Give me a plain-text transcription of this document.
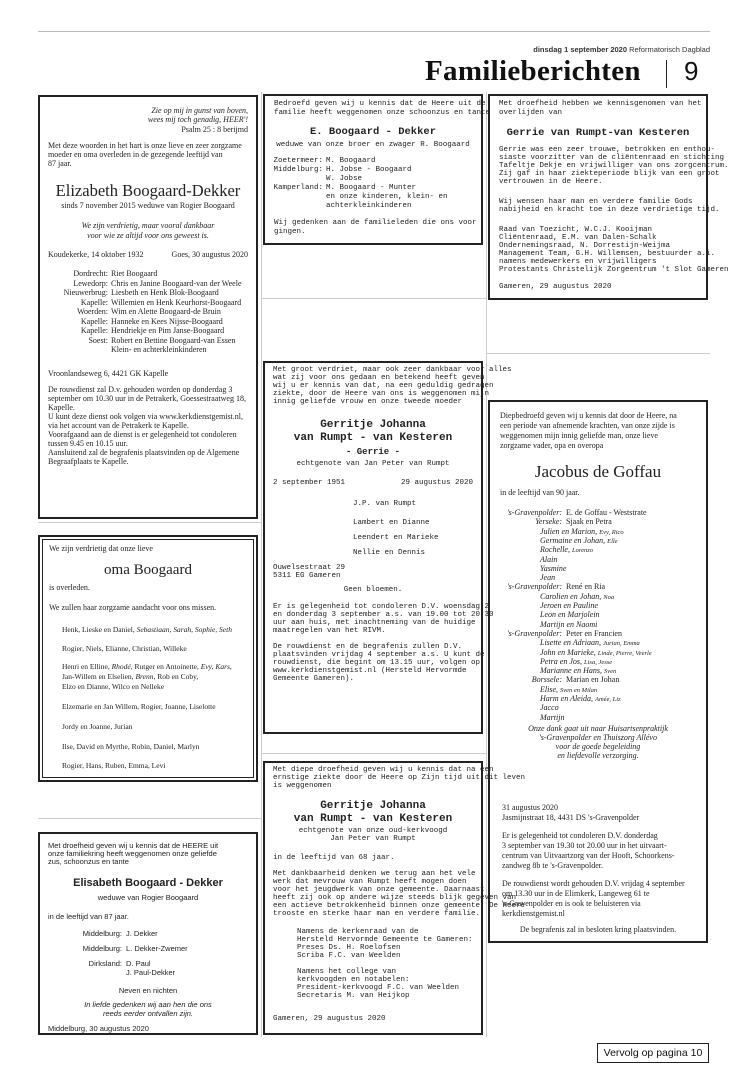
dinsdag 1 september 2020 Reformatorisch Dagblad
Familieberichten 9
Zie op mij in gunst van boven,
wees mij toch genadig, HEER'!
Psalm 25 : 8 berijmd
Met deze woorden in het hart is onze lieve en zeer zorgzame
moeder en oma overleden in de gezegende leeftijd van
87 jaar.
Elizabeth Boogaard-Dekker
sinds 7 november 2015 weduwe van Rogier Boogaard
We zijn verdrietig, maar vooral dankbaar
voor wie ze altijd voor ons geweest is.
Koudekerke, 14 oktober 1932	Goes, 30 augustus 2020
Dordrecht: Riet Boogaard
Lewedorp: Chris en Janine Boogaard-van der Weele
Nieuwerbrug: Liesbeth en Henk Blok-Boogaard
Kapelle: Willemien en Henk Keurhorst-Boogaard
Woerden: Wim en Alette Boogaard-de Bruin
Kapelle: Hanneke en Kees Nijsse-Boogaard
Kapelle: Hendriekje en Pim Janse-Boogaard
Soest: Robert en Bettine Boogaard-van Essen
Klein- en achterkleinkinderen
Vroonlandseweg 6, 4421 GK Kapelle
De rouwdienst zal D.v. gehouden worden op donderdag 3
september om 10.30 uur in de Petrakerk, Goessestraatweg 18,
Kapelle.
U kunt deze dienst ook volgen via www.kerkdienstgemist.nl,
via het account van de Petrakerk te Kapelle.
Voorafgaand aan de dienst is er gelegenheid tot condoleren
tussen 9.45 en 10.15 uur.
Aansluitend zal de begrafenis plaatsvinden op de Algemene
Begraafplaats te Kapelle.
We zijn verdrietig dat onze lieve
oma Boogaard
is overleden.
We zullen haar zorgzame aandacht voor ons missen.
Henk, Lieske en Daniel, Sebastiaan, Sarah, Sophie, Seth
Rogier, Niels, Elianne, Christian, Willeke
Henri en Elline, Rhodé, Rutger en Antoinette, Evy, Kars,
Jan-Willem en Elselien, Brenn, Rob en Coby,
Elzo en Dianne, Wilco en Nelleke
Elzemarie en Jan Willem, Rogier, Joanne, Liselotte
Jordy en Joanne, Jurian
Ilse, David en Myrthe, Robin, Daniel, Marlyn
Rogier, Hans, Ruben, Emma, Levi
Met droefheid geven wij u kennis dat de HEERE uit
onze familiekring heeft weggenomen onze geliefde
zus, schoonzus en tante
Elisabeth Boogaard - Dekker
weduwe van Rogier Boogaard
in de leeftijd van 87 jaar.
Middelburg: J. Dekker
Middelburg: L. Dekker-Zwemer
Dirksland: D. Paul
J. Paul-Dekker
Neven en nichten
In liefde gedenken wij aan hen die ons
reeds eerder ontvallen zijn.
Middelburg, 30 augustus 2020
Bedroefd geven wij u kennis dat de Heere uit de
familie heeft weggenomen onze schoonzus en tante
E. Boogaard - Dekker
weduwe van onze broer en zwager R. Boogaard
Zoetermeer: M. Boogaard
Middelburg: H. Jobse - Boogaard
W. Jobse
Kamperland: M. Boogaard - Munter
en onze kinderen, klein- en
achterkleinkinderen
Wij gedenken aan de familieleden die ons voor
gingen.
Met groot verdriet, maar ook zeer dankbaar voor alles
wat zij voor ons gedaan en betekend heeft geven
wij u er kennis van dat, na een geduldig gedragen
ziekte, door de Heere van ons is weggenomen mijn
innig geliefde vrouw en onze tweede moeder
Gerritje Johanna
van Rumpt - van Kesteren
- Gerrie -
echtgenote van Jan Peter van Rumpt
2 september 1951	29 augustus 2020
J.P. van Rumpt
Lambert en Dianne
Leendert en Marieke
Nellie en Dennis
Ouwelsestraat 29
5311 EG Gameren
Geen bloemen.
Er is gelegenheid tot condoleren D.V. woensdag 2
en donderdag 3 september a.s. van 19.00 tot 20.30
uur aan huis, met inachtneming van de huidige
maatregelen van het RIVM.
De rouwdienst en de begrafenis zullen D.V.
plaatsvinden vrijdag 4 september a.s. U kunt de
rouwdienst, die begint om 13.15 uur, volgen op
www.kerkdienstgemist.nl (Hersteld Hervormde
Gemeente Gameren).
Met diepe droefheid geven wij u kennis dat na een
ernstige ziekte door de Heere op Zijn tijd uit dit leven
is weggenomen
Gerritje Johanna
van Rumpt - van Kesteren
echtgenote van onze oud-kerkvoogd
Jan Peter van Rumpt
in de leeftijd van 68 jaar.
Met dankbaarheid denken we terug aan het vele
werk dat mevrouw van Rumpt heeft mogen doen
voor het jeugdwerk van onze gemeente. Daarnaast
heeft zij ook op andere wijze steeds blijk gegeven van
een actieve betrokkenheid binnen onze gemeente. De Heere
trooste en sterke haar man en verdere familie.
Namens de kerkenraad van de
Hersteld Hervormde Gemeente te Gameren:
Preses Ds. H. Roelofsen
Scriba F.C. van Weelden
Namens het college van
kerkvoogden en notabelen:
President-kerkvoogd F.C. van Weelden
Secretaris M. van Heijkop
Gameren, 29 augustus 2020
Met droefheid hebben we kennisgenomen van het
overlijden van
Gerrie van Rumpt-van Kesteren
Gerrie was een zeer trouwe, betrokken en enthou-
siaste voorzitter van de cliëntenraad en stichting
Tafeltje Dekje en vrijwilliger van ons zorgcentrum.
Zij gaf in haar ziekteperiode blijk van een groot
vertrouwen in de Heere.
Wij wensen haar man en verdere familie Gods
nabijheid en kracht toe in deze verdrietige tijd.
Raad van Toezicht, W.C.J. Kooijman
Cliëntenraad, E.M. van Dalen-Schalk
Ondernemingsraad, N. Dorrestijn-Weijma
Management Team, G.H. Willemsen, bestuurder a.i.
namens medewerkers en vrijwilligers
Protestants Christelijk Zorgeentrum 't Slot Gameren
Gameren, 29 augustus 2020
Diepbedroefd geven wij u kennis dat door de Heere, na
een periode van afnemende krachten, van onze zijde is
weggenomen mijn innig geliefde man, onze lieve
zorgzame vader, opa en overopa
Jacobus de Goffau
in de leeftijd van 90 jaar.
's-Gravenpolder: E. de Goffau - Weststrate
Yerseke: Sjaak en Petra
Julien en Marion, Evy, Rico
Germaine en Johan, Elle
Rochelle, Lorenzo
Alain
Yasmine
Jean
's-Gravenpolder: René en Ria
Carolien en Johan, Noa
Jeroen en Pauline
Leon en Marjolein
Martijn en Naomi
's-Gravenpolder: Peter en Francien
Lisette en Adriaan, Jurian, Emma
John en Marieke, Linde, Pierre, Veerle
Petra en Jos, Lisa, Jesse
Marianne en Hans, Sven
Borssele: Marian en Johan
Elise, Sven en Milan
Harm en Aleida, Amée, Liz
Jacco
Martijn
Onze dank gaat uit naar Huisartsenpraktijk
's-Gravenpolder en Thuiszorg Allévo
voor de goede begeleiding
en liefdevolle verzorging.
31 augustus 2020
Jasmijnstraat 18, 4431 DS 's-Gravenpolder
Er is gelegenheid tot condoleren D.V. donderdag
3 september van 19.30 tot 20.00 uur in het uitvaart-
centrum van Uitvaartzorg van der Hooft, Schoorkens-
zandweg 8b te 's-Gravenpolder.
De rouwdienst wordt gehouden D.V. vrijdag 4 september
om 13.30 uur in de Elimkerk, Langeweg 61 te
's-Gravenpolder en is ook te beluisteren via
kerkdienstgemist.nl
De begrafenis zal in besloten kring plaatsvinden.
Vervolg op pagina 10
